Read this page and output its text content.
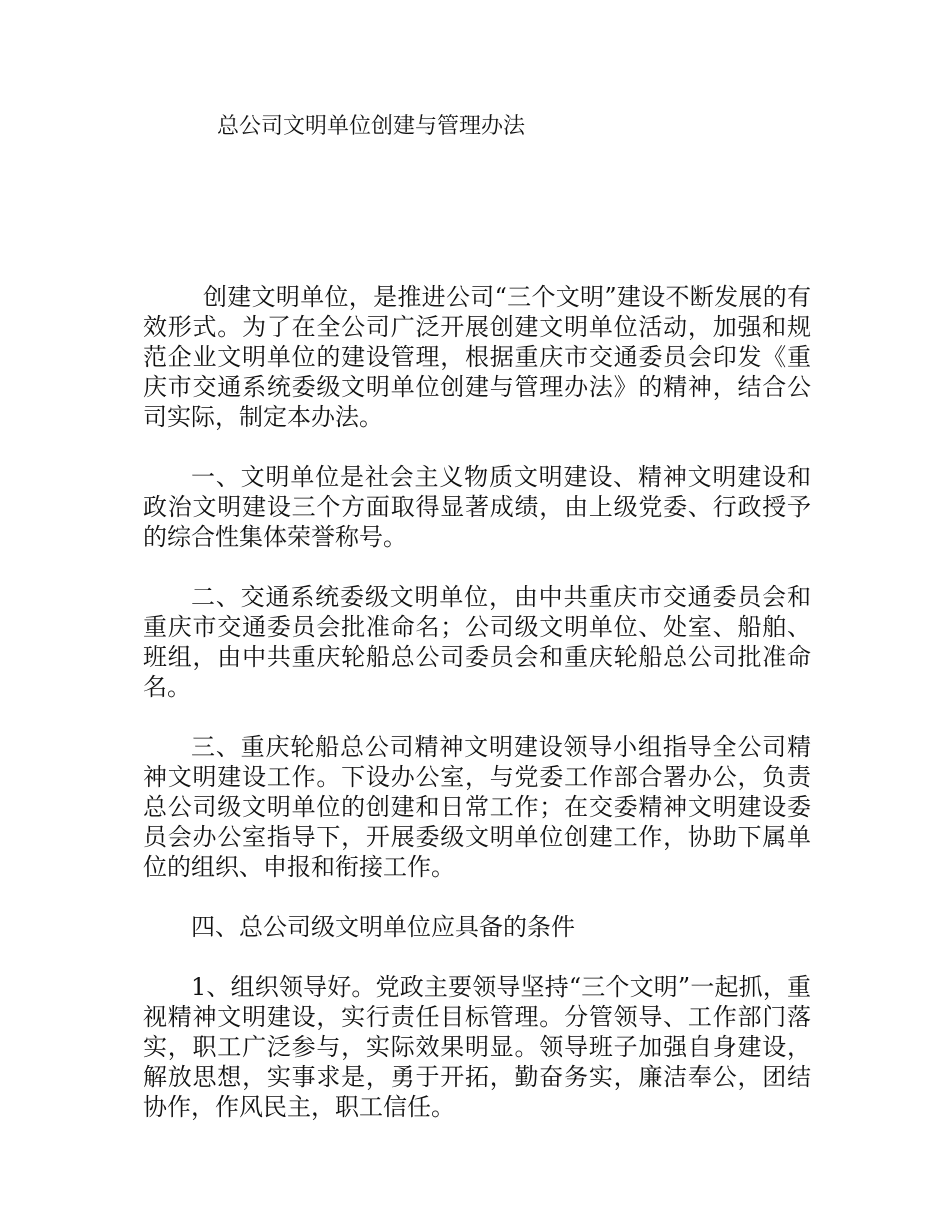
总公司文明单位创建与管理办法

创建文明单位，是推进公司“三个文明”建设不断发展的有效形式。为了在全公司广泛开展创建文明单位活动，加强和规范企业文明单位的建设管理，根据重庆市交通委员会印发《重庆市交通系统委级文明单位创建与管理办法》的精神，结合公司实际，制定本办法。

一、文明单位是社会主义物质文明建设、精神文明建设和政治文明建设三个方面取得显著成绩，由上级党委、行政授予的综合性集体荣誉称号。

二、交通系统委级文明单位，由中共重庆市交通委员会和重庆市交通委员会批准命名；公司级文明单位、处室、船舶、班组，由中共重庆轮船总公司委员会和重庆轮船总公司批准命名。

三、重庆轮船总公司精神文明建设领导小组指导全公司精神文明建设工作。下设办公室，与党委工作部合署办公，负责总公司级文明单位的创建和日常工作；在交委精神文明建设委员会办公室指导下，开展委级文明单位创建工作，协助下属单位的组织、申报和衔接工作。

四、总公司级文明单位应具备的条件

1、组织领导好。党政主要领导坚持“三个文明”一起抓，重视精神文明建设，实行责任目标管理。分管领导、工作部门落实，职工广泛参与，实际效果明显。领导班子加强自身建设，解放思想，实事求是，勇于开拓，勤奋务实，廉洁奉公，团结协作，作风民主，职工信任。
